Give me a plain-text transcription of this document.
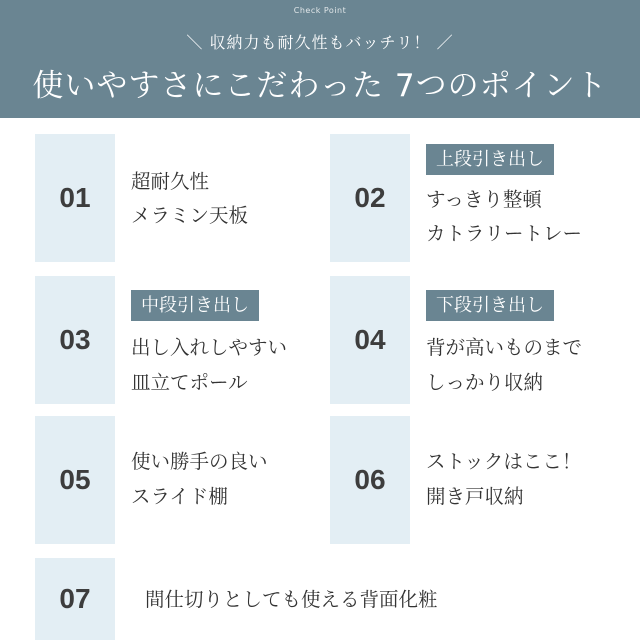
Check Point
＼ 収納力も耐久性もバッチリ！ ／
使いやすさにこだわった 7つのポイント
01
超耐久性
メラミン天板
02
上段引き出し
すっきり整頓
カトラリートレー
03
中段引き出し
出し入れしやすい
皿立てポール
04
下段引き出し
背が高いものまで
しっかり収納
05
使い勝手の良い
スライド棚
06
ストックはここ！
開き戸収納
07	間仕切りとしても使える背面化粧
